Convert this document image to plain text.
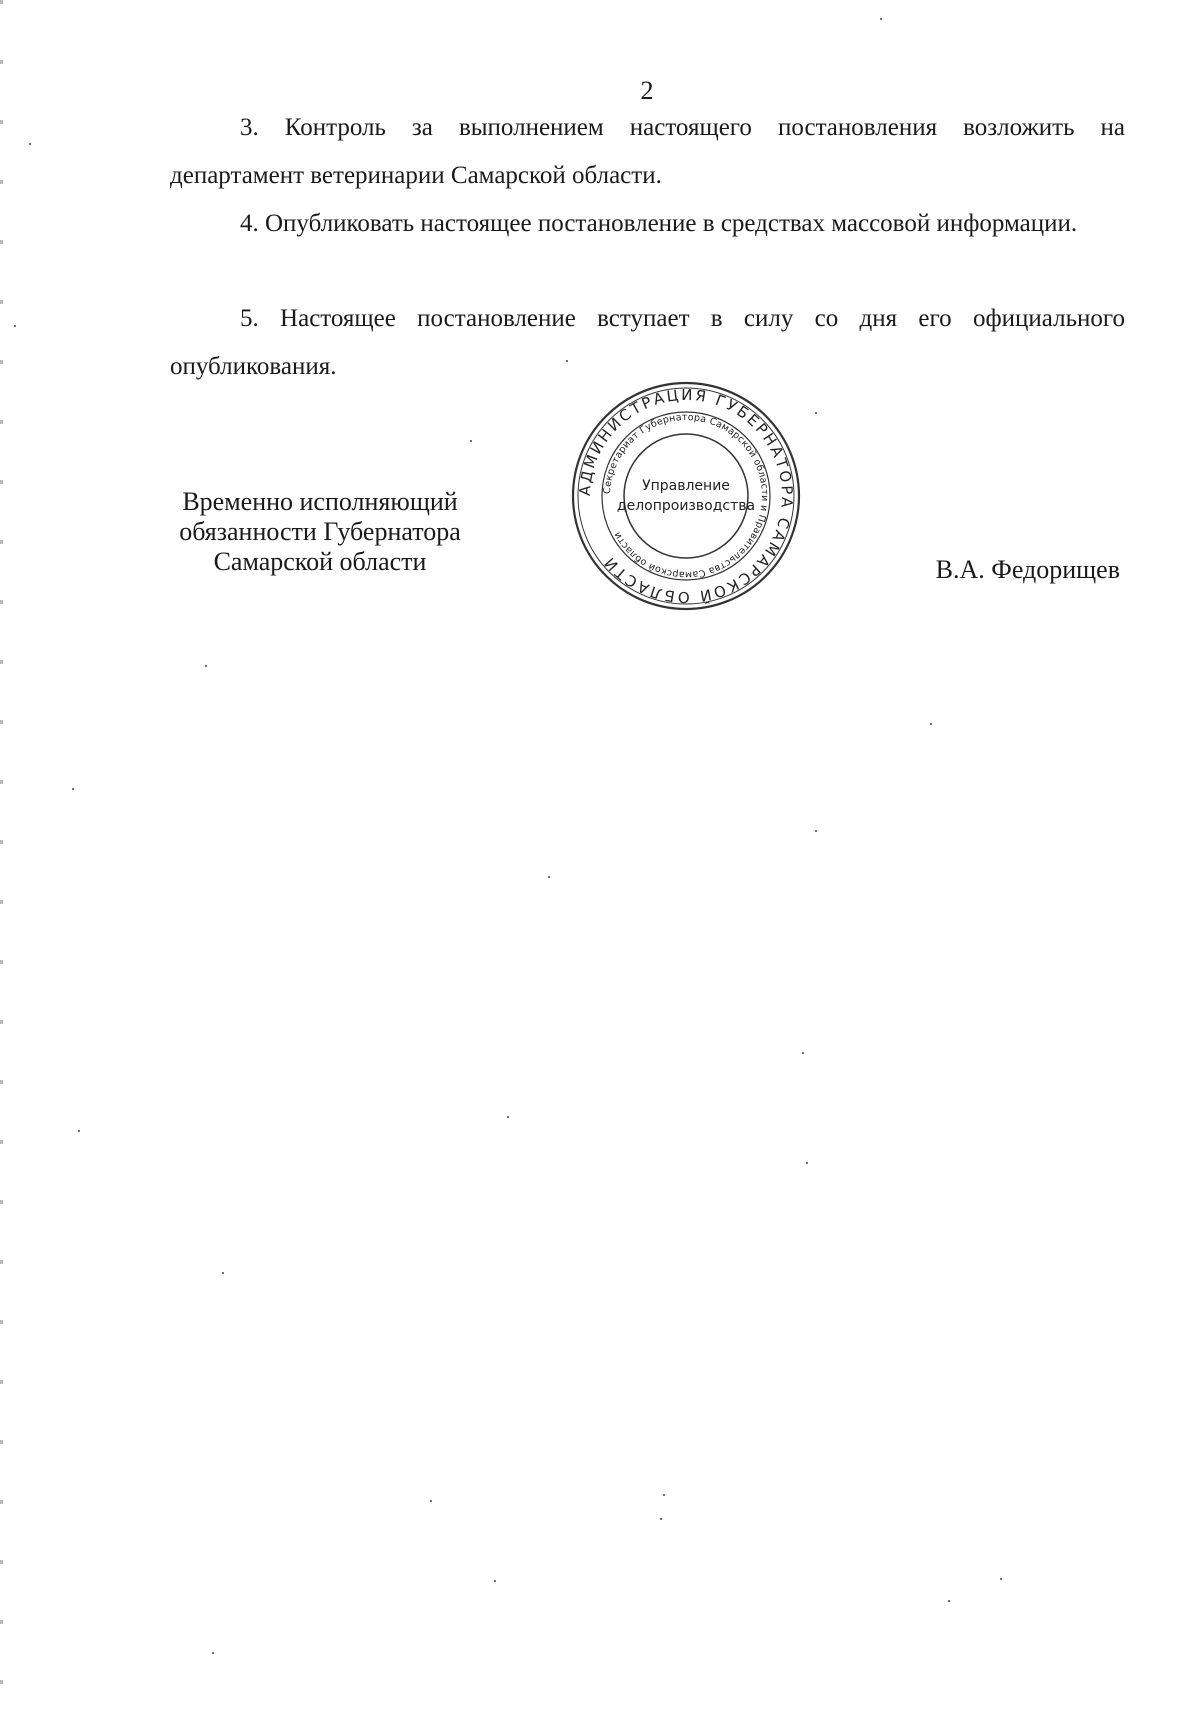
2
3. Контроль за выполнением настоящего постановления возложить на департамент ветеринарии Самарской области.
4. Опубликовать настоящее постановление в средствах массовой информации.
5. Настоящее постановление вступает в силу со дня его официального опубликования.
Временно исполняющий
обязанности Губернатора
Самарской области
АДМИНИСТРАЦИЯ ГУБЕРНАТОРА САМАРСКОЙ ОБЛАСТИ
Секретариат Губернатора Самарской области и Правительства Самарской области
Управление
делопроизводства
В.А. Федорищев
